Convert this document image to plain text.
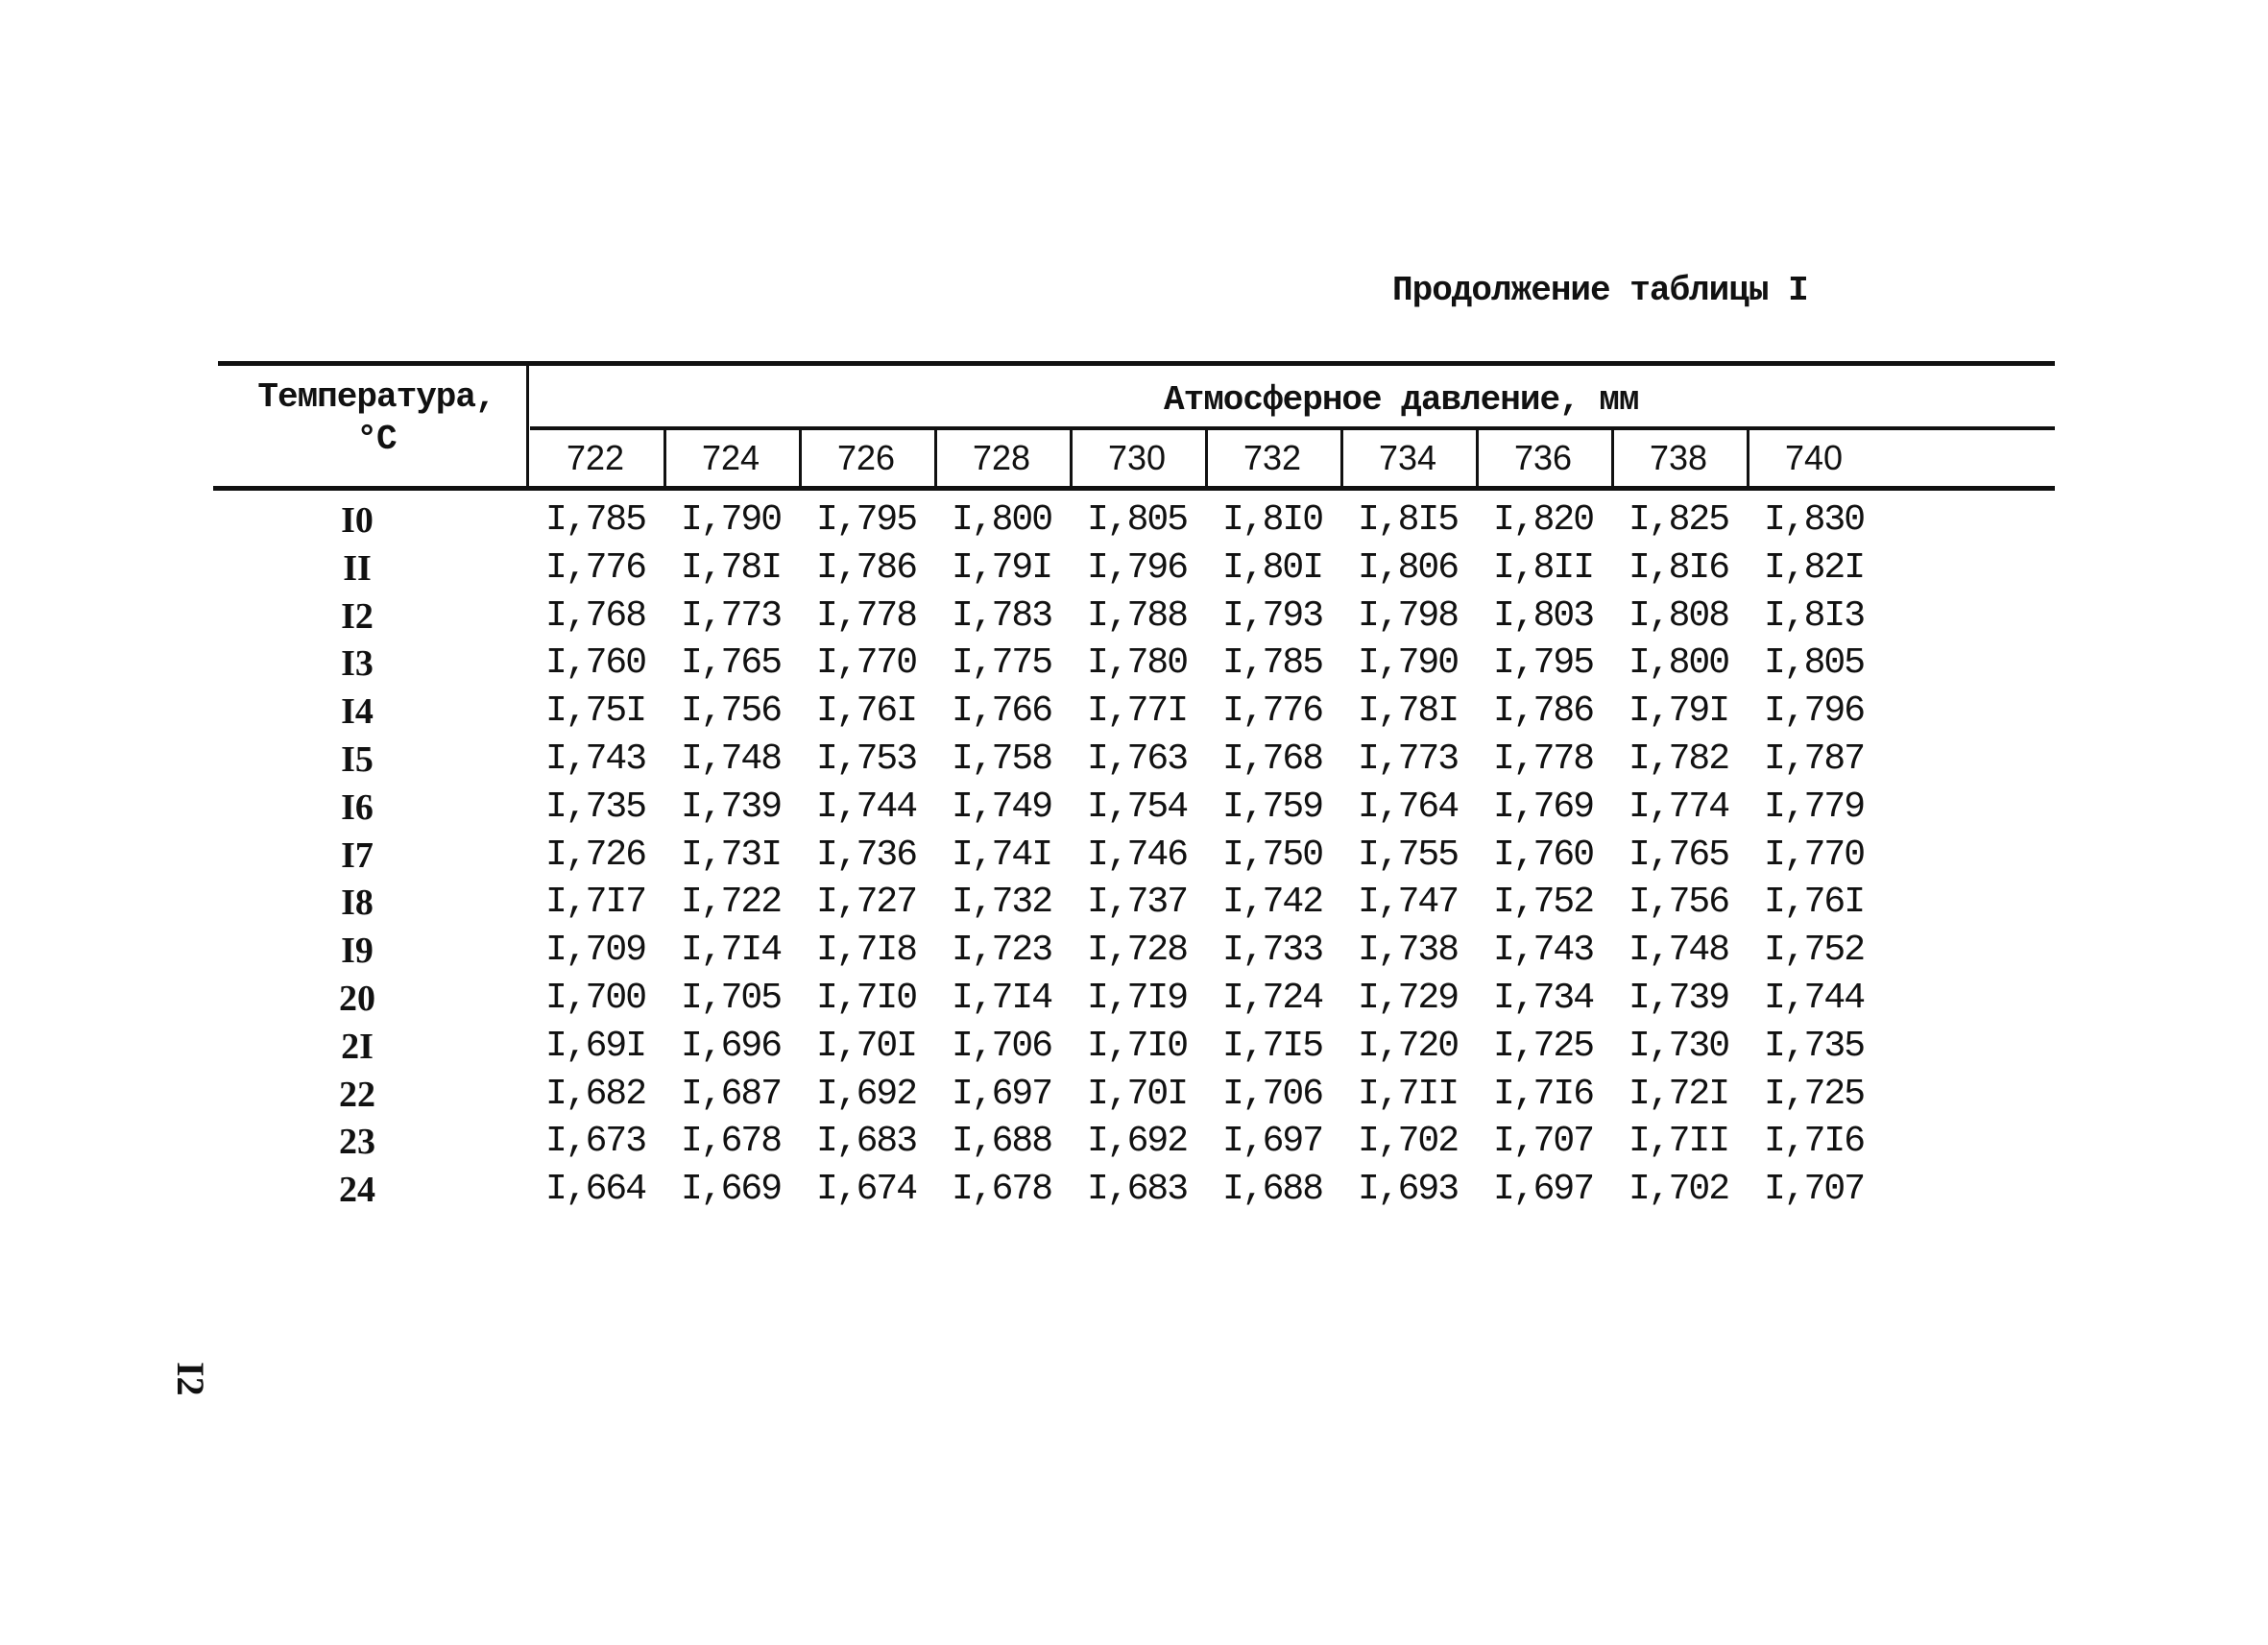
Продолжение таблицы I
Температура,
°C
Атмосферное давление, мм
722	724	726	728	730	732	734	736	738	740
I0	I,785 I,790 I,795 I,800 I,805 I,8I0 I,8I5 I,820 I,825 I,830
II	I,776 I,78I I,786 I,79I I,796 I,80I I,806 I,8II I,8I6 I,82I
I2	I,768 I,773 I,778 I,783 I,788 I,793 I,798 I,803 I,808 I,8I3
I3	I,760 I,765 I,770 I,775 I,780 I,785 I,790 I,795 I,800 I,805
I4	I,75I I,756 I,76I I,766 I,77I I,776 I,78I I,786 I,79I I,796
I5	I,743 I,748 I,753 I,758 I,763 I,768 I,773 I,778 I,782 I,787
I6	I,735 I,739 I,744 I,749 I,754 I,759 I,764 I,769 I,774 I,779
I7	I,726 I,73I I,736 I,74I I,746 I,750 I,755 I,760 I,765 I,770
I8	I,7I7 I,722 I,727 I,732 I,737 I,742 I,747 I,752 I,756 I,76I
I9	I,709 I,7I4 I,7I8 I,723 I,728 I,733 I,738 I,743 I,748 I,752
20	I,700 I,705 I,7I0 I,7I4 I,7I9 I,724 I,729 I,734 I,739 I,744
2I	I,69I I,696 I,70I I,706 I,7I0 I,7I5 I,720 I,725 I,730 I,735
22	I,682 I,687 I,692 I,697 I,70I I,706 I,7II I,7I6 I,72I I,725
23	I,673 I,678 I,683 I,688 I,692 I,697 I,702 I,707 I,7II I,7I6
24	I,664 I,669 I,674 I,678 I,683 I,688 I,693 I,697 I,702 I,707
I2
